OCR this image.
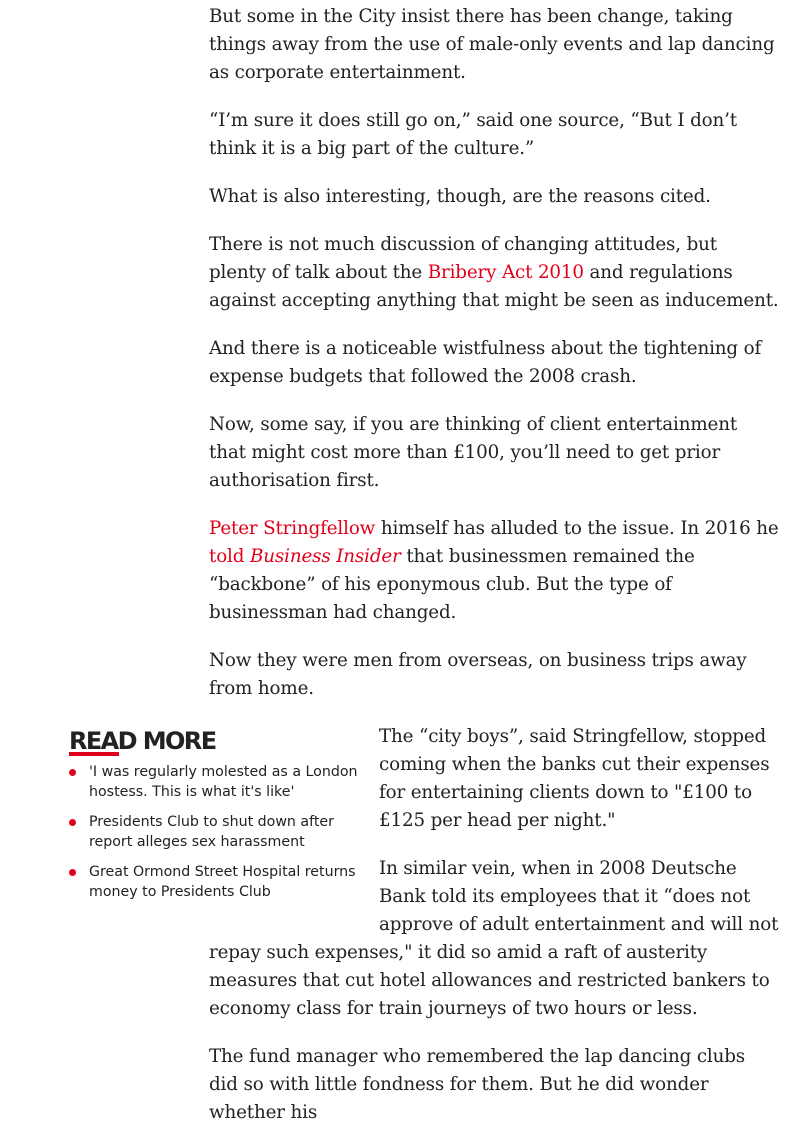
But some in the City insist there has been change, taking things away from the use of male-only events and lap dancing as corporate entertainment.

“I’m sure it does still go on,” said one source, “But I don’t think it is a big part of the culture.”

What is also interesting, though, are the reasons cited.

There is not much discussion of changing attitudes, but plenty of talk about the Bribery Act 2010 and regulations against accepting anything that might be seen as inducement.

And there is a noticeable wistfulness about the tightening of expense budgets that followed the 2008 crash.

Now, some say, if you are thinking of client entertainment that might cost more than £100, you’ll need to get prior authorisation first.

Peter Stringfellow himself has alluded to the issue. In 2016 he told Business Insider that businessmen remained the “backbone” of his eponymous club. But the type of businessman had changed.

Now they were men from overseas, on business trips away from home.

READ MORE
'I was regularly molested as a London hostess. This is what it's like'
Presidents Club to shut down after report alleges sex harassment
Great Ormond Street Hospital returns money to Presidents Club

The “city boys”, said Stringfellow, stopped coming when the banks cut their expenses for entertaining clients down to "£100 to £125 per head per night."

In similar vein, when in 2008 Deutsche Bank told its employees that it “does not approve of adult entertainment and will not repay such expenses," it did so amid a raft of austerity measures that cut hotel allowances and restricted bankers to economy class for train journeys of two hours or less.

The fund manager who remembered the lap dancing clubs did so with little fondness for them. But he did wonder whether his
